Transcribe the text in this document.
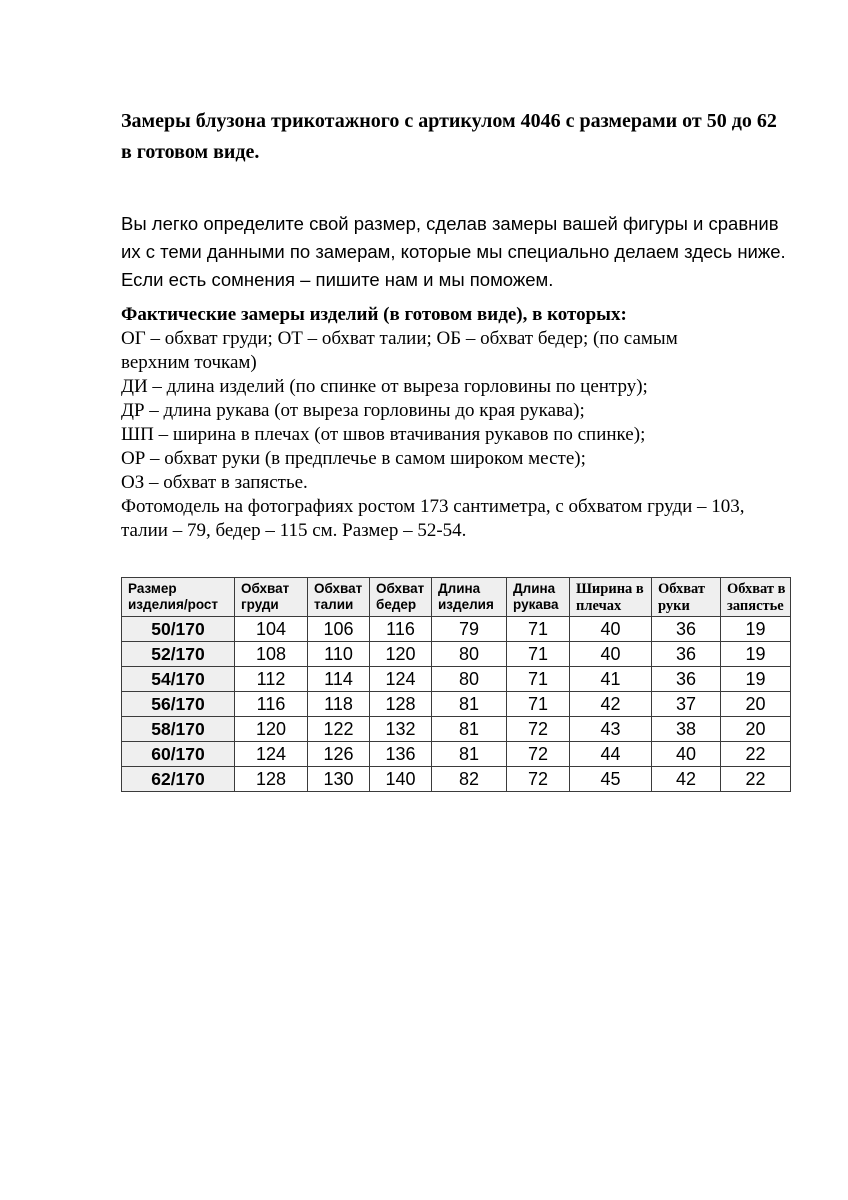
Замеры блузона трикотажного с артикулом 4046 с размерами от 50 до 62
в готовом виде.

Вы легко определите свой размер, сделав замеры вашей фигуры и сравнив
их с теми данными по замерам, которые мы специально делаем здесь ниже.
Если есть сомнения – пишите нам и мы поможем.

Фактические замеры изделий (в готовом виде), в которых:
ОГ – обхват груди; ОТ – обхват талии; ОБ – обхват бедер; (по самым
верхним точкам)
ДИ – длина изделий (по спинке от выреза горловины по центру);
ДР – длина рукава (от выреза горловины до края рукава);
ШП – ширина в плечах (от швов втачивания рукавов по спинке);
ОР – обхват руки (в предплечье в самом широком месте);
ОЗ – обхват в запястье.
Фотомодель на фотографиях ростом 173 сантиметра, с обхватом груди – 103,
талии – 79, бедер – 115 см. Размер – 52-54.
Размер изделия/рост	Обхват груди	Обхват талии	Обхват бедер	Длина изделия	Длина рукава	Ширина в плечах	Обхват руки	Обхват в запястье
50/170	104	106	116	79	71	40	36	19
52/170	108	110	120	80	71	40	36	19
54/170	112	114	124	80	71	41	36	19
56/170	116	118	128	81	71	42	37	20
58/170	120	122	132	81	72	43	38	20
60/170	124	126	136	81	72	44	40	22
62/170	128	130	140	82	72	45	42	22
